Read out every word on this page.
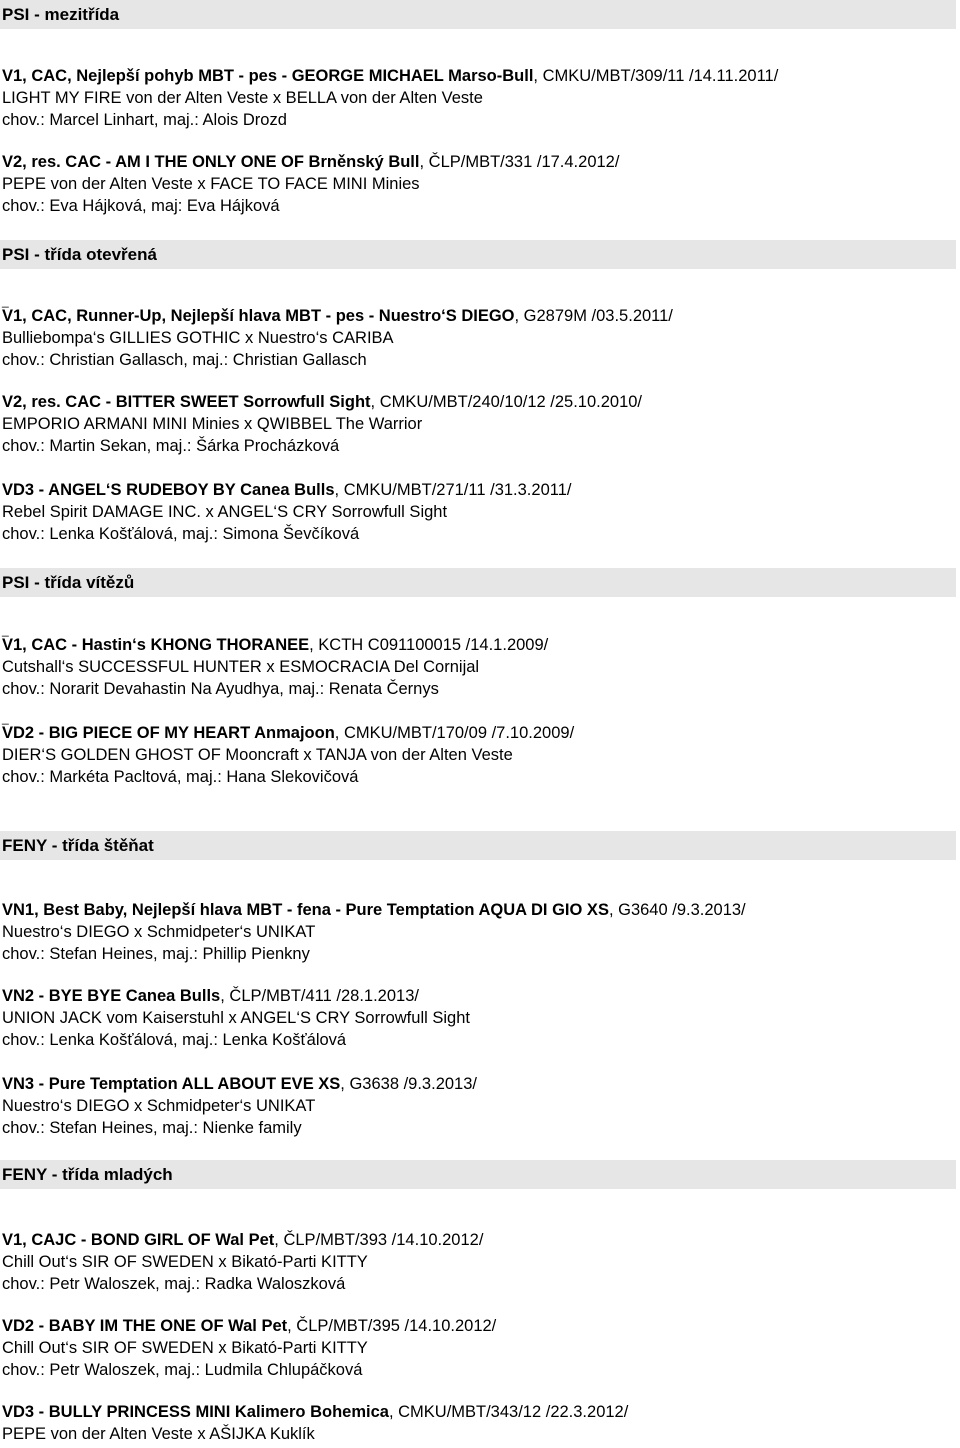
PSI - mezitřída
V1, CAC, Nejlepší pohyb MBT - pes - GEORGE MICHAEL Marso-Bull, CMKU/MBT/309/11 /14.11.2011/
LIGHT MY FIRE von der Alten Veste x BELLA von der Alten Veste
chov.: Marcel Linhart, maj.: Alois Drozd
V2, res. CAC - AM I THE ONLY ONE OF Brněnský Bull, ČLP/MBT/331 /17.4.2012/
PEPE von der Alten Veste x FACE TO FACE MINI Minies
chov.: Eva Hájková, maj: Eva Hájková
PSI - třída otevřená
_
V1, CAC, Runner-Up, Nejlepší hlava MBT - pes - Nuestro‘S DIEGO, G2879M /03.5.2011/
Bulliebompa‘s GILLIES GOTHIC x Nuestro‘s CARIBA
chov.: Christian Gallasch, maj.: Christian Gallasch
V2, res. CAC - BITTER SWEET Sorrowfull Sight, CMKU/MBT/240/10/12 /25.10.2010/
EMPORIO ARMANI MINI Minies x QWIBBEL The Warrior
chov.: Martin Sekan, maj.: Šárka Procházková
VD3 - ANGEL‘S RUDEBOY BY Canea Bulls, CMKU/MBT/271/11 /31.3.2011/
Rebel Spirit DAMAGE INC. x ANGEL‘S CRY Sorrowfull Sight
chov.: Lenka Košťálová, maj.: Simona Ševčíková
PSI - třída vítězů
_
V1, CAC - Hastin‘s KHONG THORANEE, KCTH C091100015 /14.1.2009/
Cutshall‘s SUCCESSFUL HUNTER x ESMOCRACIA Del Cornijal
chov.: Norarit Devahastin Na Ayudhya, maj.: Renata Černys
_
VD2 - BIG PIECE OF MY HEART Anmajoon, CMKU/MBT/170/09 /7.10.2009/
DIER‘S GOLDEN GHOST OF Mooncraft x TANJA von der Alten Veste
chov.: Markéta Pacltová, maj.: Hana Slekovičová
FENY - třída štěňat
VN1, Best Baby, Nejlepší hlava MBT - fena - Pure Temptation AQUA DI GIO XS, G3640 /9.3.2013/
Nuestro‘s DIEGO x Schmidpeter‘s UNIKAT
chov.: Stefan Heines, maj.: Phillip Pienkny
VN2 - BYE BYE Canea Bulls, ČLP/MBT/411 /28.1.2013/
UNION JACK vom Kaiserstuhl x ANGEL‘S CRY Sorrowfull Sight
chov.: Lenka Košťálová, maj.: Lenka Košťálová
VN3 - Pure Temptation ALL ABOUT EVE XS, G3638 /9.3.2013/
Nuestro‘s DIEGO x Schmidpeter‘s UNIKAT
chov.: Stefan Heines, maj.: Nienke family
FENY - třída mladých
V1, CAJC - BOND GIRL OF Wal Pet, ČLP/MBT/393 /14.10.2012/
Chill Out‘s SIR OF SWEDEN x Bikató-Parti KITTY
chov.: Petr Waloszek, maj.: Radka Waloszková
VD2 - BABY IM THE ONE OF Wal Pet, ČLP/MBT/395 /14.10.2012/
Chill Out‘s SIR OF SWEDEN x Bikató-Parti KITTY
chov.: Petr Waloszek, maj.: Ludmila Chlupáčková
VD3 - BULLY PRINCESS MINI Kalimero Bohemica, CMKU/MBT/343/12 /22.3.2012/
PEPE von der Alten Veste x AŠIJKA Kuklík
